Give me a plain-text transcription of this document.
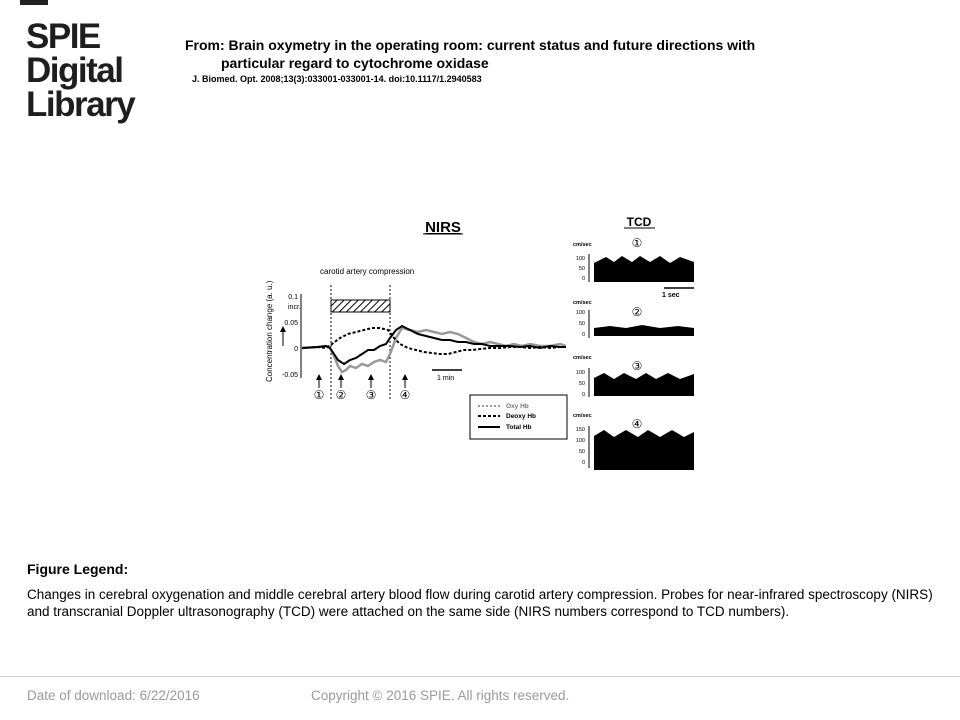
SPIE
Digital
Library
From: Brain oxymetry in the operating room: current status and future directions with
particular regard to cytochrome oxidase
J. Biomed. Opt. 2008;13(3):033001-033001-14. doi:10.1117/1.2940583
NIRS	TCD
carotid artery compression
Concentration change (a. u.) incr.
0.1
0.05
0
-0.05	1 min
① ② ③ ④
Oxy Hb
Deoxy Hb
Total Hb
①
cm/sec
100
50
0
1 sec
②
cm/sec
100
50
0
③
cm/sec
100
50
0
④
cm/sec
150
100
50
0
Figure Legend:
Changes in cerebral oxygenation and middle cerebral artery blood flow during carotid artery compression. Probes for near-infrared spectroscopy (NIRS) and transcranial Doppler ultrasonography (TCD) were attached on the same side (NIRS numbers correspond to TCD numbers).
Date of download: 6/22/2016	Copyright © 2016 SPIE. All rights reserved.
